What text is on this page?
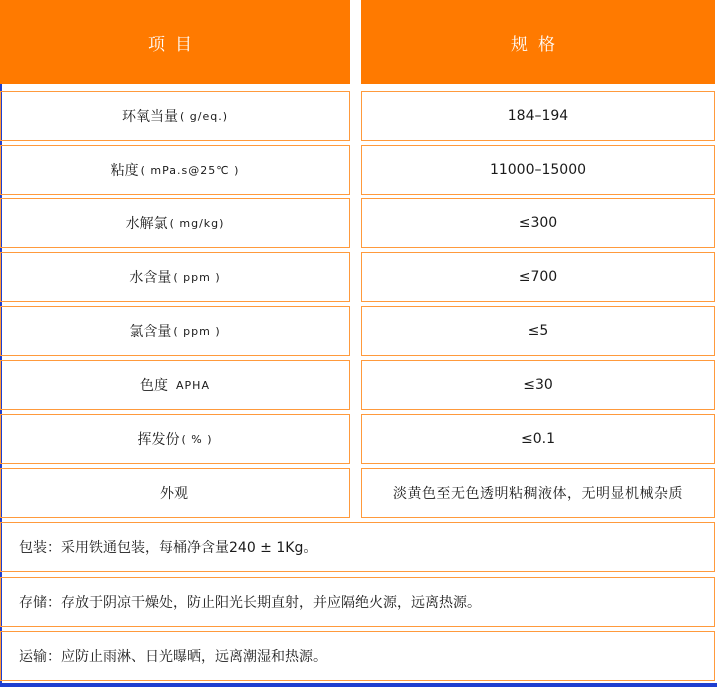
项目	规格
环氧当量 ( g/eq.)	184–194
粘度 ( mPa.s@25℃ )	11000–15000
水解氯 ( mg/kg)	≤300
水含量 ( ppm )	≤700
氯含量 ( ppm )	≤5
色度 APHA	≤30
挥发份 ( % )	≤0.1
外观	淡黄色至无色透明粘稠液体，无明显机械杂质
包装：采用铁通包装，每桶净含量240 ± 1Kg。
存储：存放于阴凉干燥处，防止阳光长期直射，并应隔绝火源，远离热源。
运输：应防止雨淋、日光曝晒，远离潮湿和热源。
